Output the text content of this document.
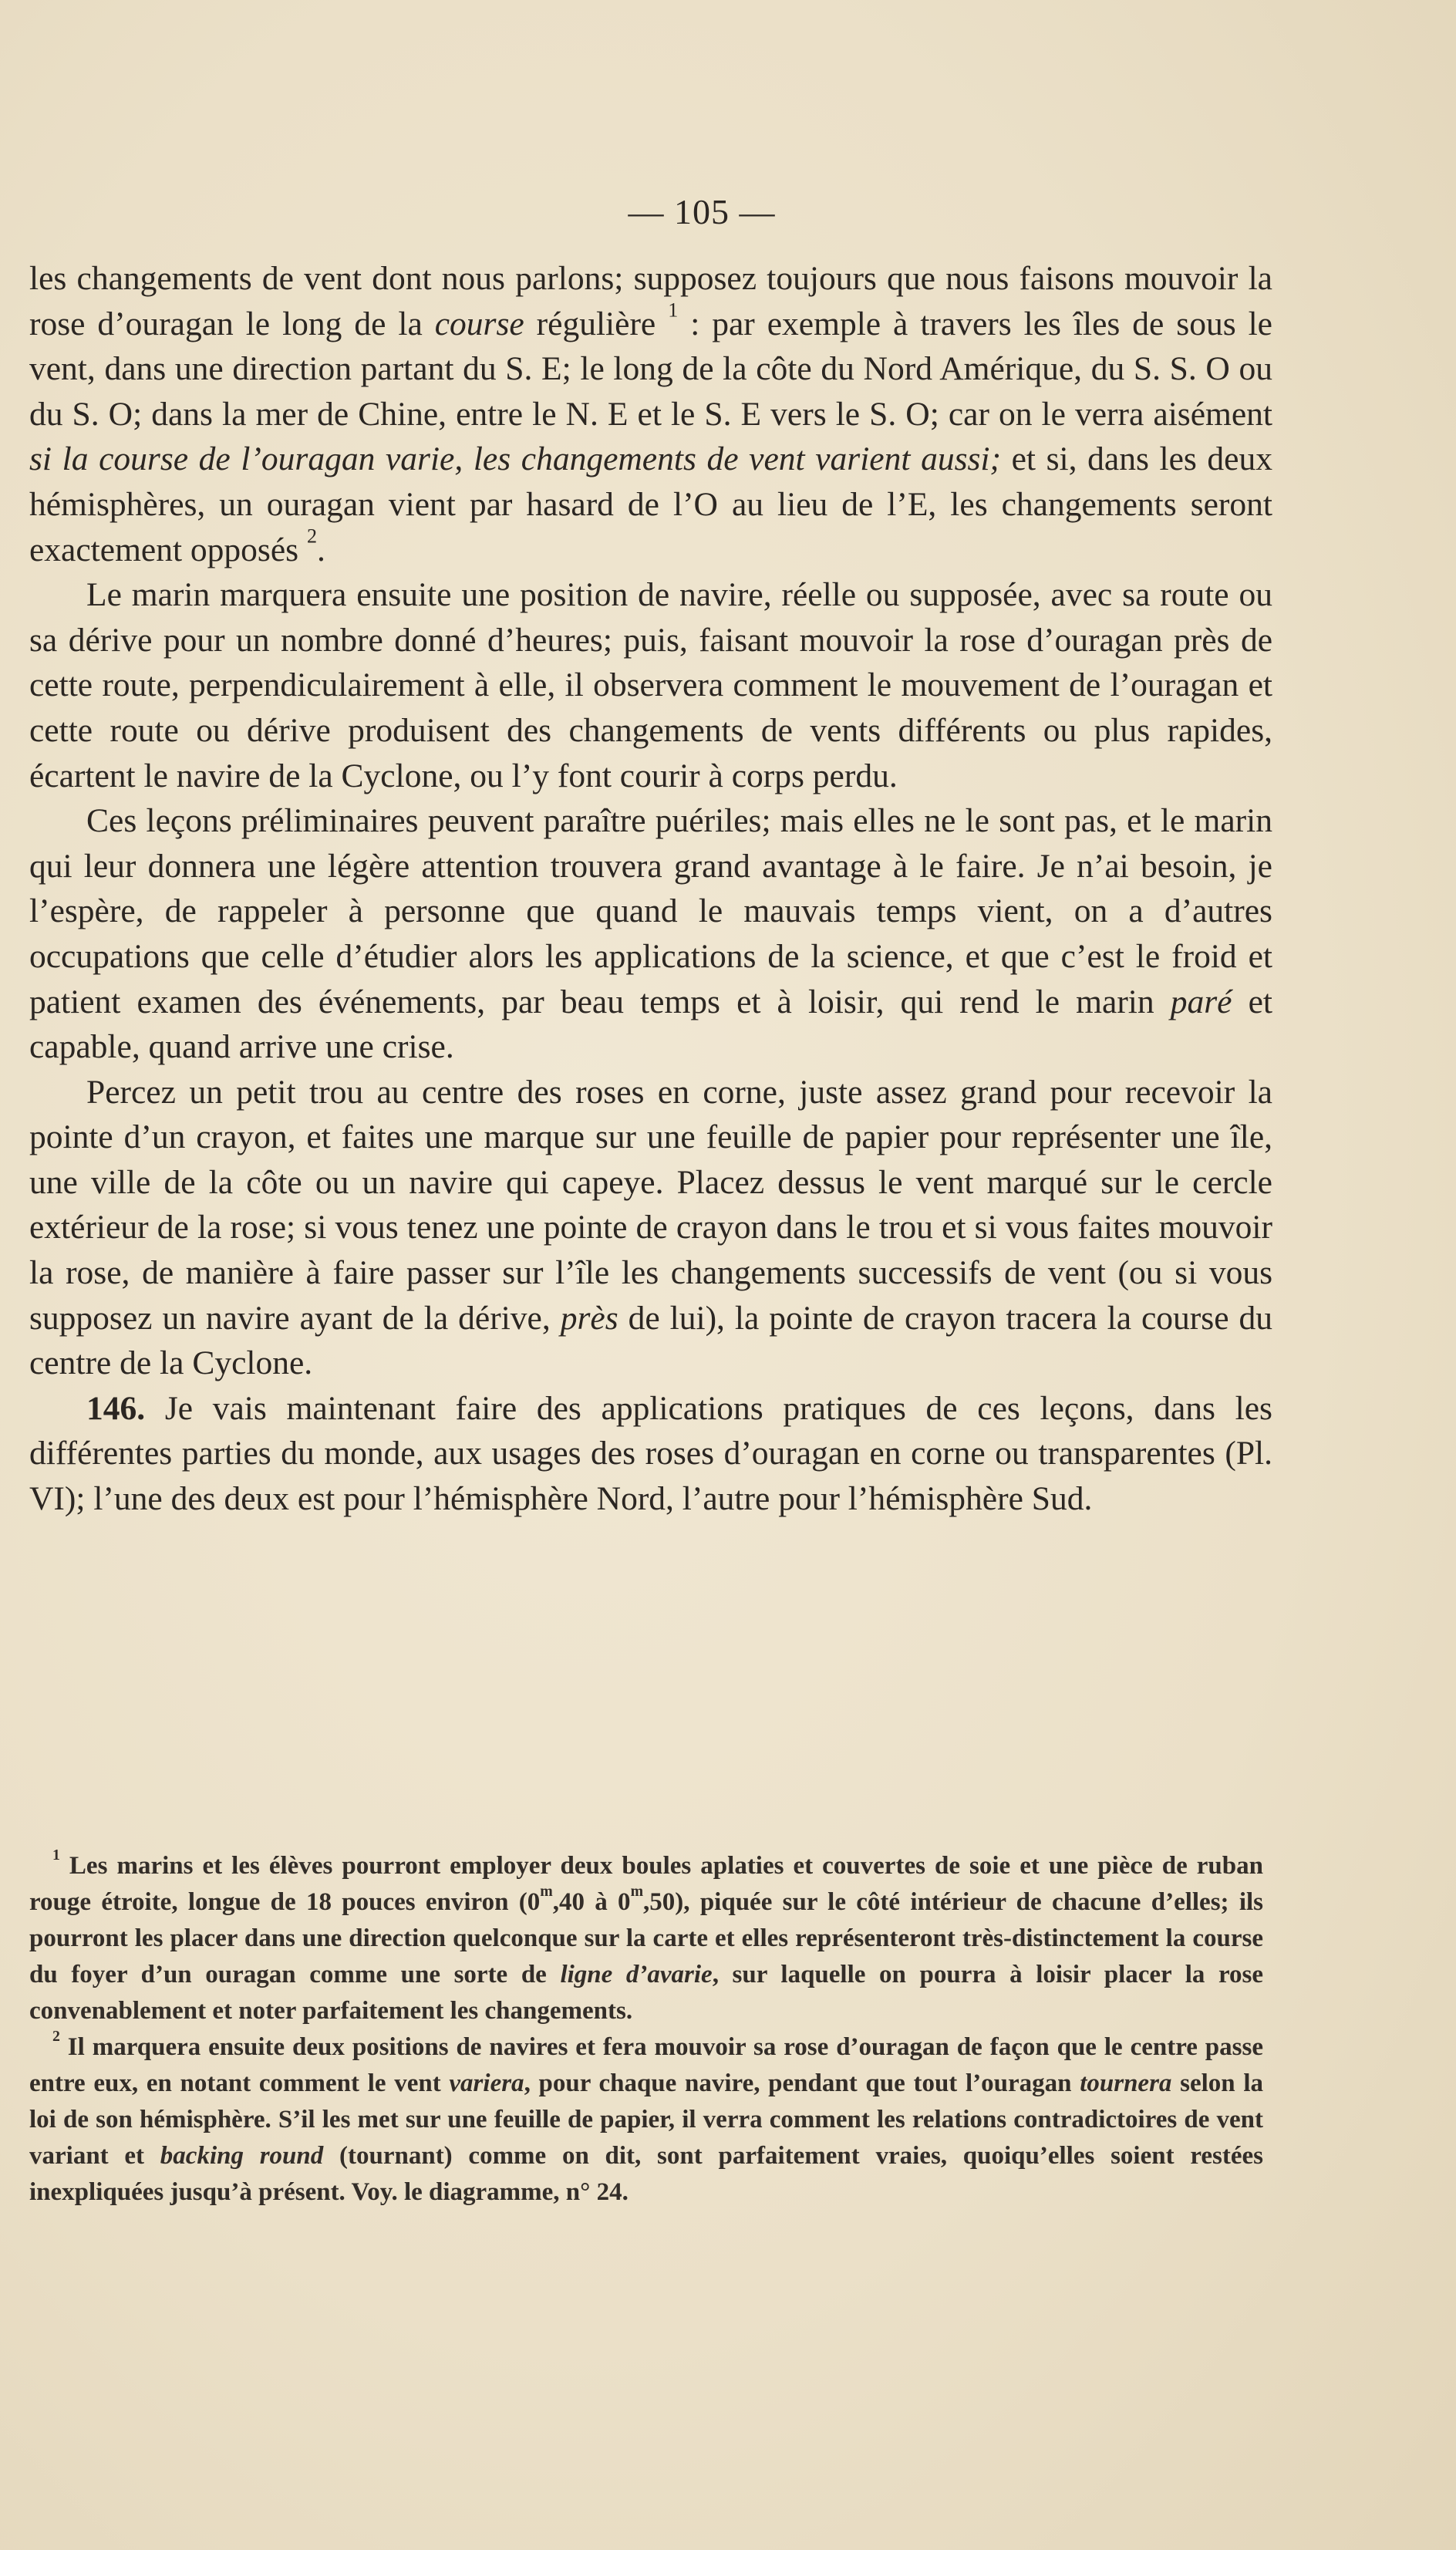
— 105 —

les changements de vent dont nous parlons; supposez toujours que nous faisons mouvoir la rose d’ouragan le long de la course régulière $^1$ : par exemple à travers les îles de sous le vent, dans une direction partant du S. E; le long de la côte du Nord Amérique, du S. S. O ou du S. O; dans la mer de Chine, entre le N. E et le S. E vers le S. O; car on le verra aisément si la course de l’ouragan varie, les changements de vent varient aussi; et si, dans les deux hémisphères, un ouragan vient par hasard de l’O au lieu de l’E, les changements seront exactement opposés $^2$.

Le marin marquera ensuite une position de navire, réelle ou supposée, avec sa route ou sa dérive pour un nombre donné d’heures; puis, faisant mouvoir la rose d’ouragan près de cette route, perpendiculairement à elle, il observera comment le mouvement de l’ouragan et cette route ou dérive produisent des changements de vents différents ou plus rapides, écartent le navire de la Cyclone, ou l’y font courir à corps perdu.

Ces leçons préliminaires peuvent paraître puériles; mais elles ne le sont pas, et le marin qui leur donnera une légère attention trouvera grand avantage à le faire. Je n’ai besoin, je l’espère, de rappeler à personne que quand le mauvais temps vient, on a d’autres occupations que celle d’étudier alors les applications de la science, et que c’est le froid et patient examen des événements, par beau temps et à loisir, qui rend le marin paré et capable, quand arrive une crise.

Percez un petit trou au centre des roses en corne, juste assez grand pour recevoir la pointe d’un crayon, et faites une marque sur une feuille de papier pour représenter une île, une ville de la côte ou un navire qui capeye. Placez dessus le vent marqué sur le cercle extérieur de la rose; si vous tenez une pointe de crayon dans le trou et si vous faites mouvoir la rose, de manière à faire passer sur l’île les changements successifs de vent (ou si vous supposez un navire ayant de la dérive, près de lui), la pointe de crayon tracera la course du centre de la Cyclone.

146. Je vais maintenant faire des applications pratiques de ces leçons, dans les différentes parties du monde, aux usages des roses d’ouragan en corne ou transparentes (Pl. VI); l’une des deux est pour l’hémisphère Nord, l’autre pour l’hémisphère Sud.

$^1$ Les marins et les élèves pourront employer deux boules aplaties et couvertes de soie et une pièce de ruban rouge étroite, longue de 18 pouces environ (0$^m$,40 à 0$^m$,50), piquée sur le côté intérieur de chacune d’elles; ils pourront les placer dans une direction quelconque sur la carte et elles représenteront très-distinctement la course du foyer d’un ouragan comme une sorte de ligne d’avarie, sur laquelle on pourra à loisir placer la rose convenablement et noter parfaitement les changements.

$^2$ Il marquera ensuite deux positions de navires et fera mouvoir sa rose d’ouragan de façon que le centre passe entre eux, en notant comment le vent variera, pour chaque navire, pendant que tout l’ouragan tournera selon la loi de son hémisphère. S’il les met sur une feuille de papier, il verra comment les relations contradictoires de vent variant et backing round (tournant) comme on dit, sont parfaitement vraies, quoiqu’elles soient restées inexpliquées jusqu’à présent. Voy. le diagramme, n° 24.
